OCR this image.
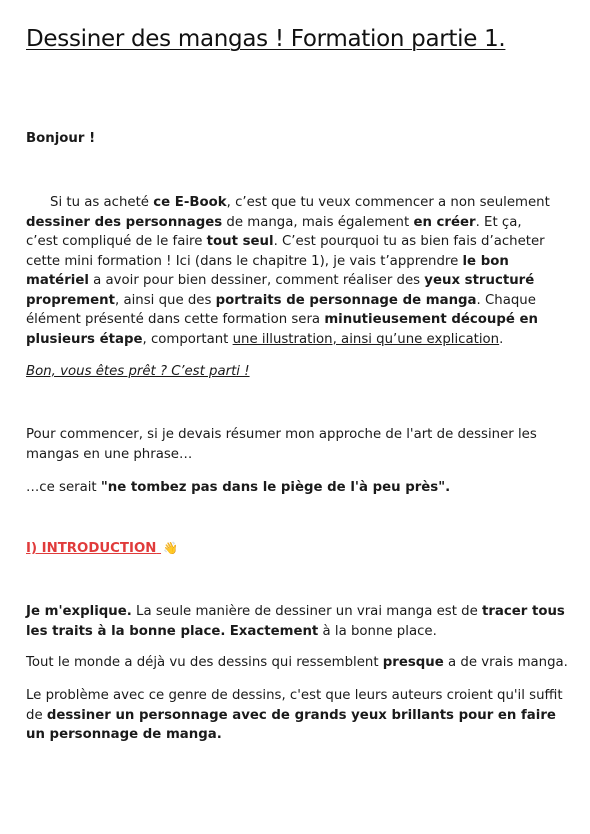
Dessiner des mangas ! Formation partie 1.

Bonjour !

Si tu as acheté ce E-Book, c’est que tu veux commencer a non seulement dessiner des personnages de manga, mais également en créer. Et ça, c’est compliqué de le faire tout seul. C’est pourquoi tu as bien fais d’acheter cette mini formation ! Ici (dans le chapitre 1), je vais t’apprendre le bon matériel a avoir pour bien dessiner, comment réaliser des yeux structuré proprement, ainsi que des portraits de personnage de manga. Chaque élément présenté dans cette formation sera minutieusement découpé en plusieurs étape, comportant une illustration, ainsi qu’une explication.

Bon, vous êtes prêt ? C’est parti !

Pour commencer, si je devais résumer mon approche de l'art de dessiner les mangas en une phrase…

…ce serait "ne tombez pas dans le piège de l'à peu près".

I) INTRODUCTION 👋

Je m'explique. La seule manière de dessiner un vrai manga est de tracer tous les traits à la bonne place. Exactement à la bonne place.

Tout le monde a déjà vu des dessins qui ressemblent presque a de vrais manga.

Le problème avec ce genre de dessins, c'est que leurs auteurs croient qu'il suffit de dessiner un personnage avec de grands yeux brillants pour en faire un personnage de manga.
